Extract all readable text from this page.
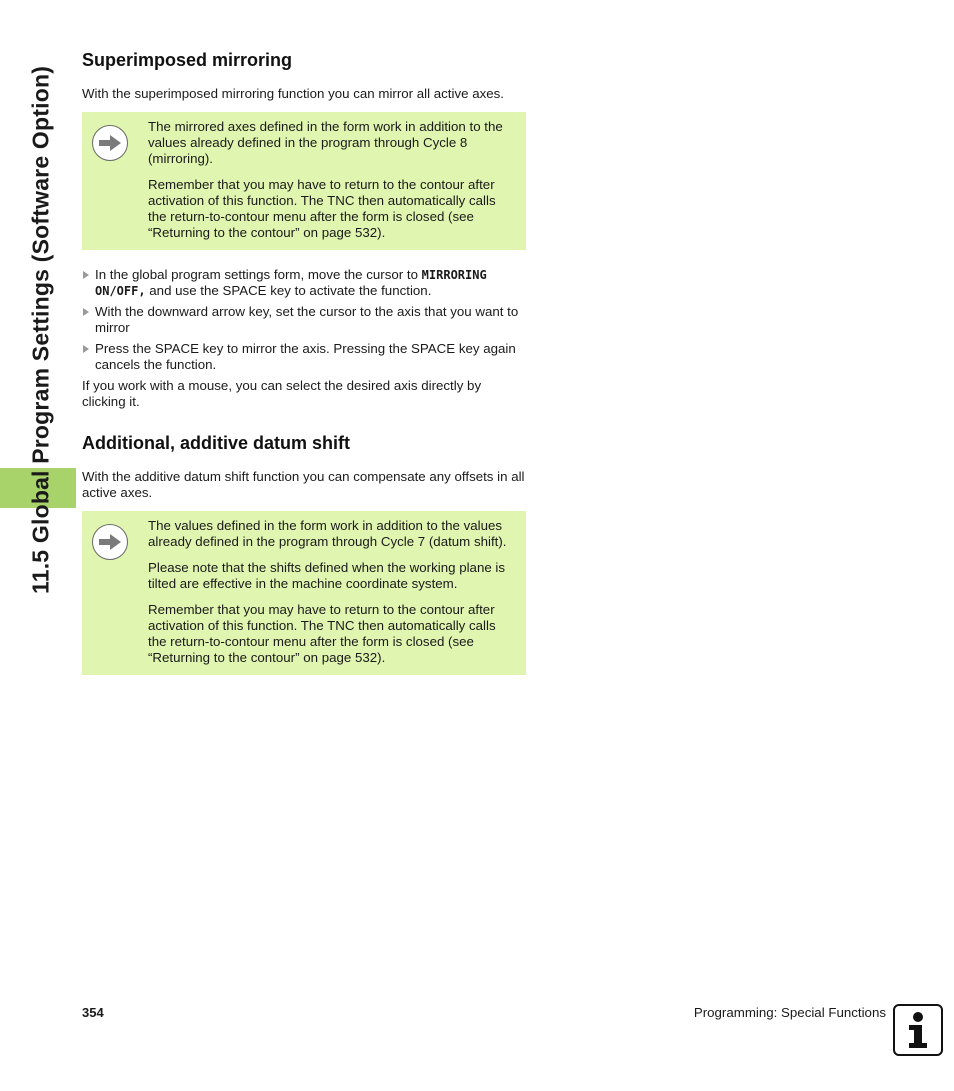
11.5 Global Program Settings (Software Option)
Superimposed mirroring

With the superimposed mirroring function you can mirror all active axes.

The mirrored axes defined in the form work in addition to the values already defined in the program through Cycle 8 (mirroring).

Remember that you may have to return to the contour after activation of this function. The TNC then automatically calls the return-to-contour menu after the form is closed (see “Returning to the contour” on page 532).

In the global program settings form, move the cursor to MIRRORING ON/OFF, and use the SPACE key to activate the function.
With the downward arrow key, set the cursor to the axis that you want to mirror
Press the SPACE key to mirror the axis. Pressing the SPACE key again cancels the function.

If you work with a mouse, you can select the desired axis directly by clicking it.

Additional, additive datum shift

With the additive datum shift function you can compensate any offsets in all active axes.

The values defined in the form work in addition to the values already defined in the program through Cycle 7 (datum shift).

Please note that the shifts defined when the working plane is tilted are effective in the machine coordinate system.

Remember that you may have to return to the contour after activation of this function. The TNC then automatically calls the return-to-contour menu after the form is closed (see “Returning to the contour” on page 532).

354	Programming: Special Functions
